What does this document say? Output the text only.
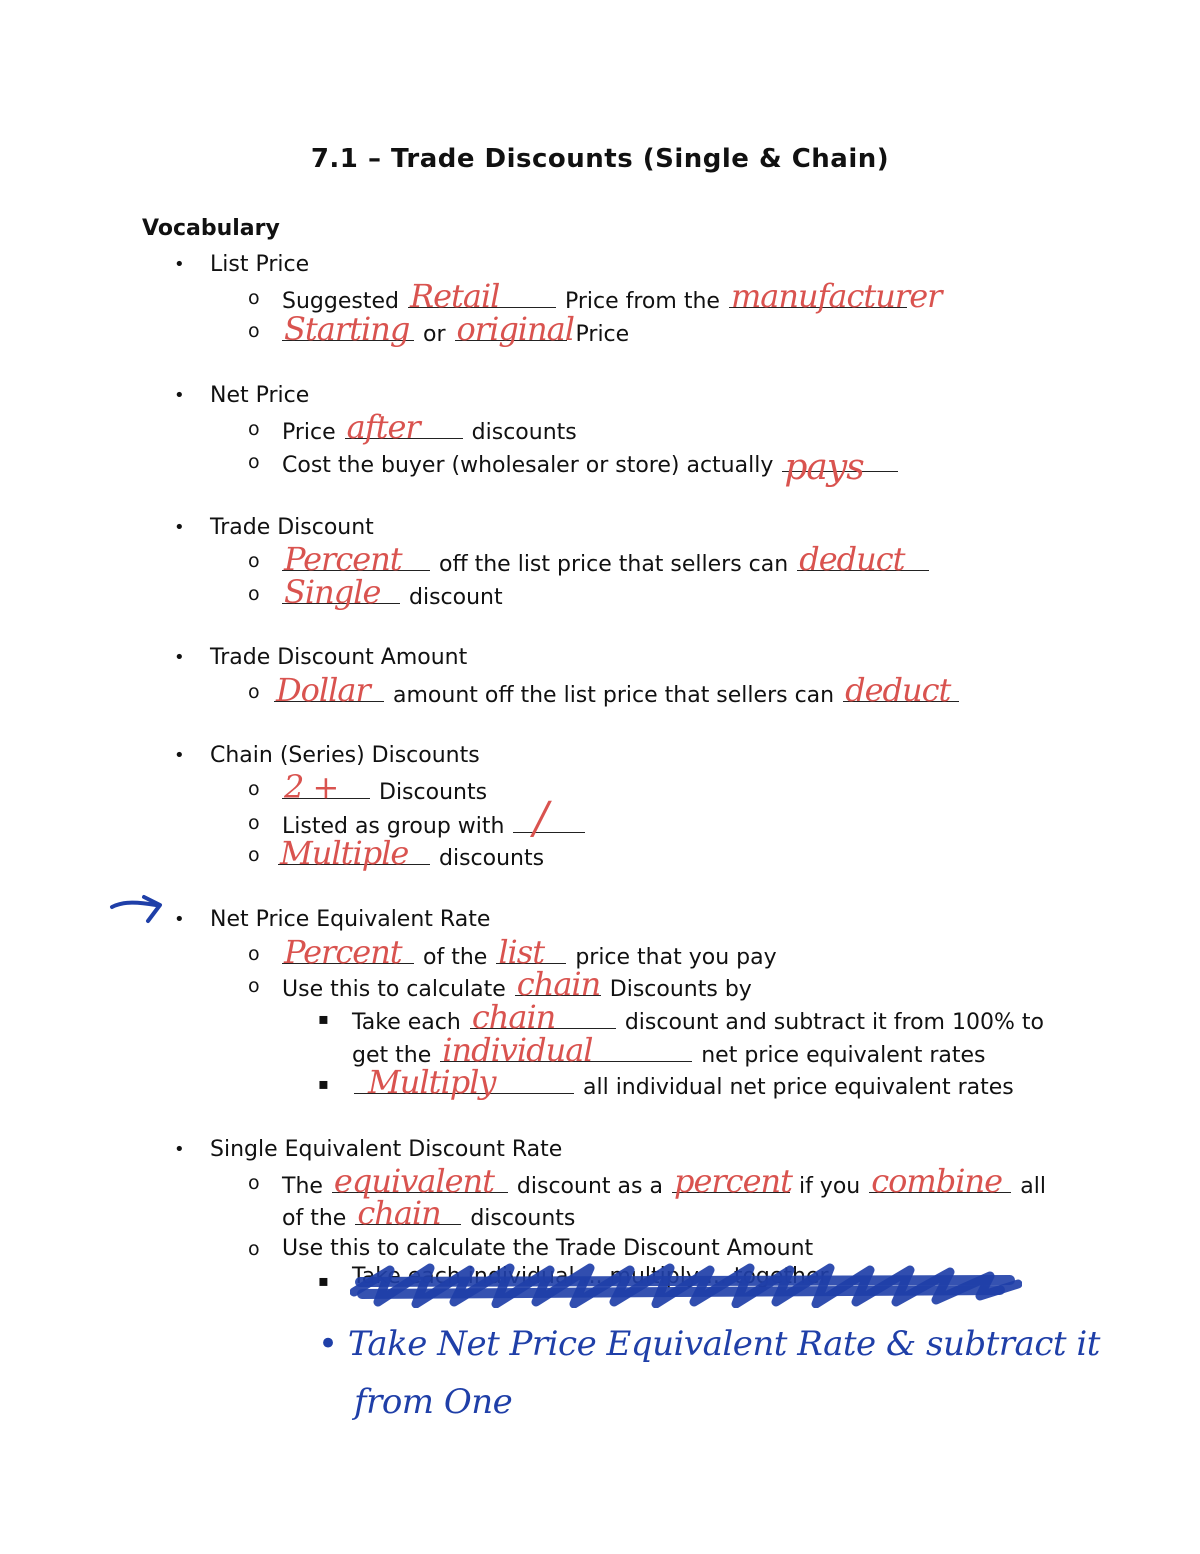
7.1 – Trade Discounts (Single & Chain)
Vocabulary
•
List Price
o
Suggested Retail	Price from the manufacturer
o
Starting or original Price
•
Net Price
o
Price after discounts
o
Cost the buyer (wholesaler or store) actually pays
•
Trade Discount
o
Percent off the list price that sellers can deduct
o
Single discount
•
Trade Discount Amount
o
Dollar amount off the list price that sellers can deduct
•
Chain (Series) Discounts
o
2 + Discounts
o
Listed as group with /
o
Multiple discounts
•
Net Price Equivalent Rate
o
Percent of the list price that you pay
o
Use this to calculate chain Discounts by
▪
Take each chain	discount and subtract it from 100% to
get the individual	net price equivalent rates
▪
Multiply	all individual net price equivalent rates
•
Single Equivalent Discount Rate
o
The equivalent discount as a percent if you combine all
of the chain discounts
o
Use this to calculate the Trade Discount Amount
▪
Take each individual ... multiply ... together
• Take Net Price Equivalent Rate & subtract it
from One
